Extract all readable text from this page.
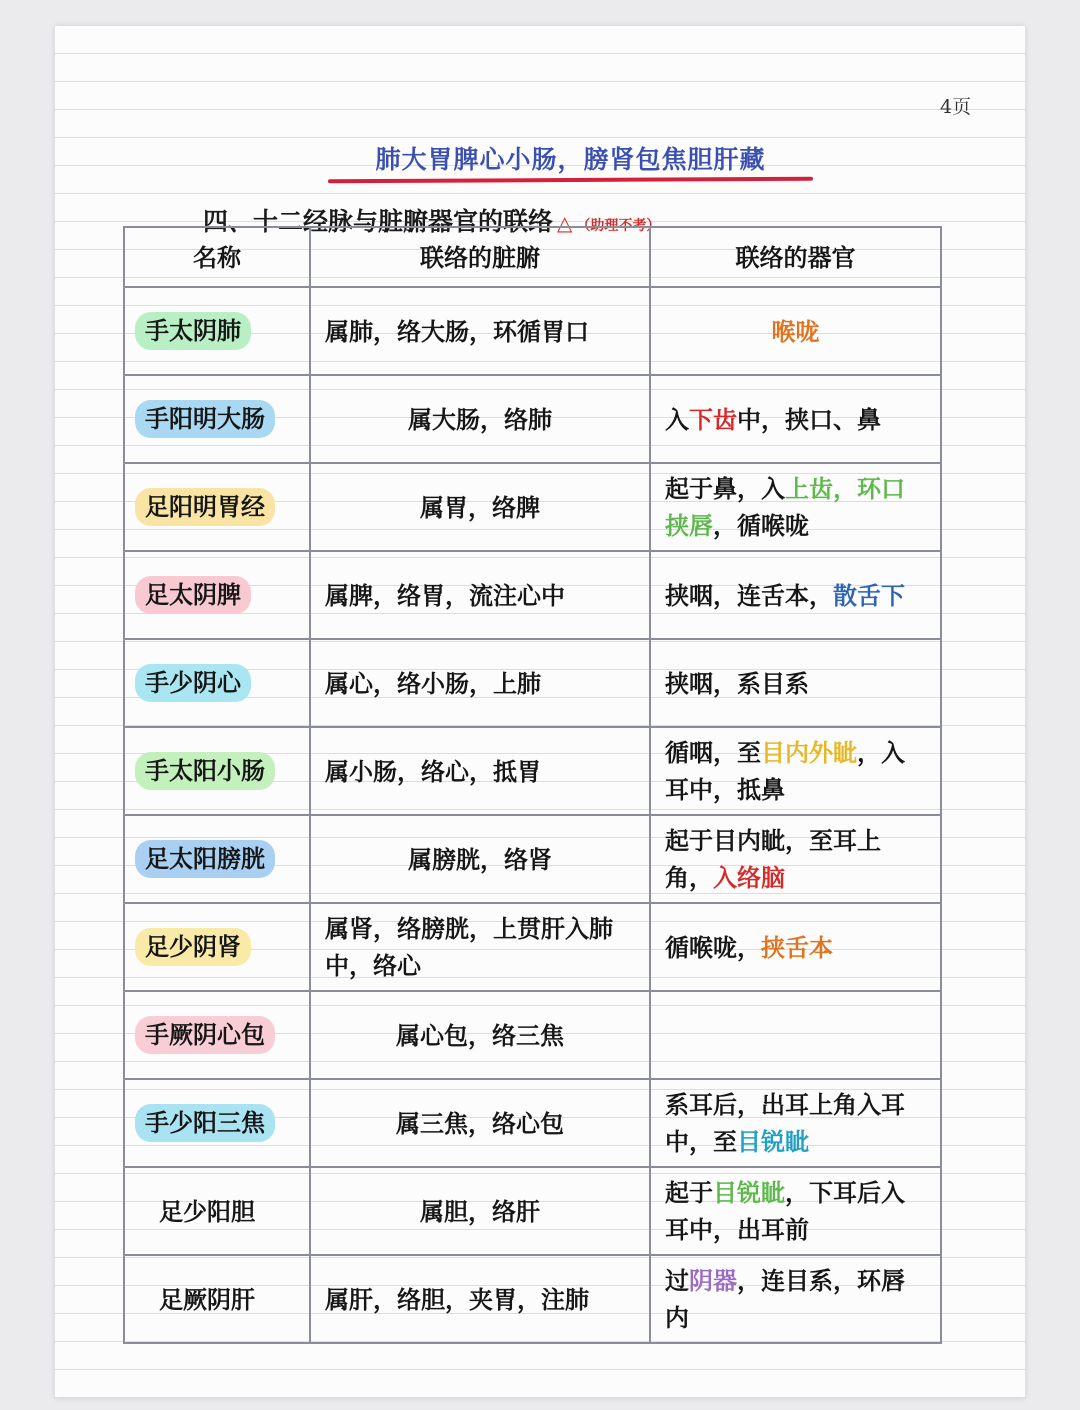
4页
肺大胃脾心小肠，膀肾包焦胆肝藏
四、十二经脉与脏腑器官的联络 △ （助理不考）
名称	联络的脏腑	联络的器官
手太阴肺	属肺，络大肠，环循胃口	喉咙
手阳明大肠	属大肠，络肺	入下齿中，挟口、鼻
足阳明胃经	属胃，络脾	起于鼻，入上齿，环口挟唇，循喉咙
足太阴脾	属脾，络胃，流注心中	挟咽，连舌本，散舌下
手少阴心	属心，络小肠，上肺	挟咽，系目系
手太阳小肠	属小肠，络心，抵胃	循咽，至目内外眦，入耳中，抵鼻
足太阳膀胱	属膀胱，络肾	起于目内眦，至耳上角，入络脑
足少阴肾	属肾，络膀胱，上贯肝入肺中，络心	循喉咙，挟舌本
手厥阴心包	属心包，络三焦	
手少阳三焦	属三焦，络心包	系耳后，出耳上角入耳中，至目锐眦
足少阳胆	属胆，络肝	起于目锐眦，下耳后入耳中，出耳前
足厥阴肝	属肝，络胆，夹胃，注肺	过阴器，连目系，环唇内
